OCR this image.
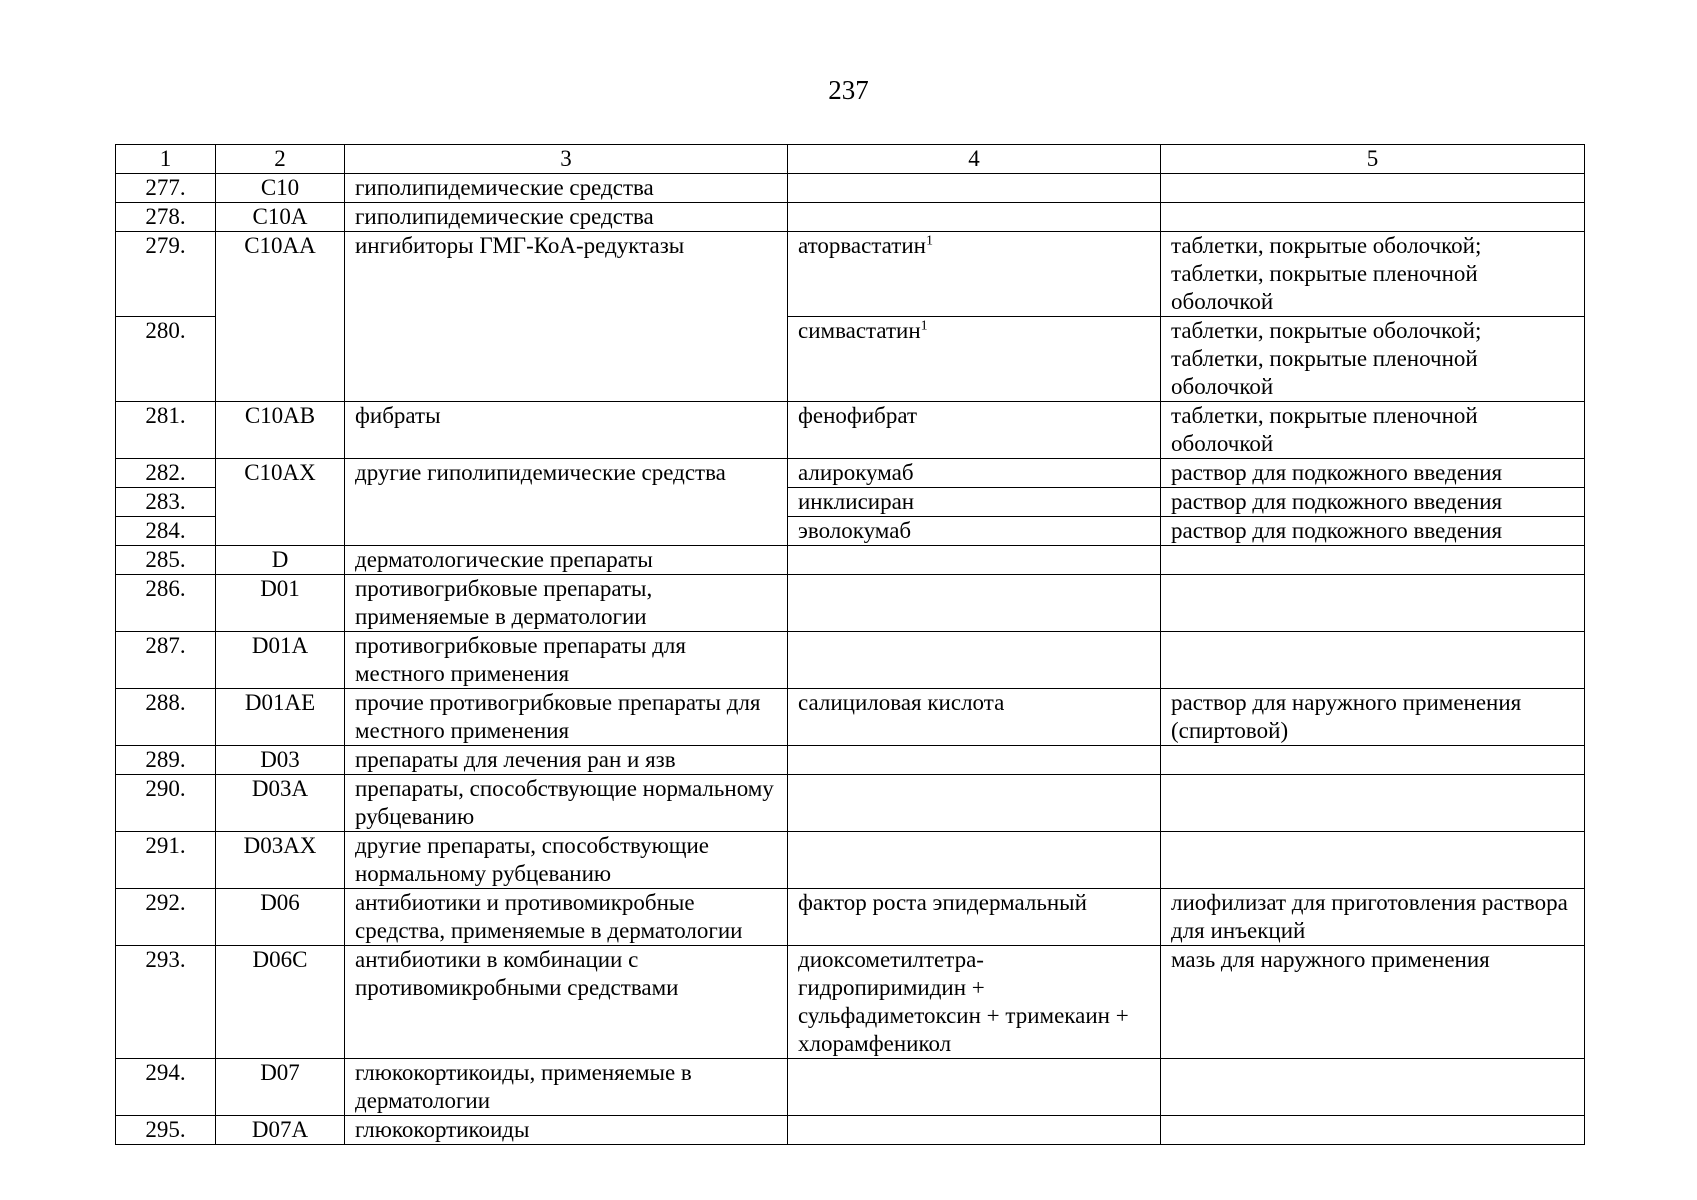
237
1	2	3	4	5
277.	C10	гиполипидемические средства		
278.	C10A	гиполипидемические средства		
279.	C10AA	ингибиторы ГМГ-КоА-редуктазы	аторвастатин$^1$	таблетки, покрытые оболочкой; таблетки, покрытые пленочной оболочкой
280.			симвастатин$^1$	таблетки, покрытые оболочкой; таблетки, покрытые пленочной оболочкой
281.	C10AB	фибраты	фенофибрат	таблетки, покрытые пленочной оболочкой
282.	C10AX	другие гиполипидемические средства	алирокумаб	раствор для подкожного введения
283.			инклисиран	раствор для подкожного введения
284.			эволокумаб	раствор для подкожного введения
285.	D	дерматологические препараты		
286.	D01	противогрибковые препараты, применяемые в дерматологии		
287.	D01A	противогрибковые препараты для местного применения		
288.	D01AE	прочие противогрибковые препараты для местного применения	салициловая кислота	раствор для наружного применения (спиртовой)
289.	D03	препараты для лечения ран и язв		
290.	D03A	препараты, способствующие нормальному рубцеванию		
291.	D03AX	другие препараты, способствующие нормальному рубцеванию		
292.	D06	антибиотики и противомикробные средства, применяемые в дерматологии	фактор роста эпидермальный	лиофилизат для приготовления раствора для инъекций
293.	D06C	антибиотики в комбинации с противомикробными средствами	диоксометилтетра-гидропиримидин + сульфадиметоксин + тримекаин + хлорамфеникол	мазь для наружного применения
294.	D07	глюкокортикоиды, применяемые в дерматологии		
295.	D07A	глюкокортикоиды		
